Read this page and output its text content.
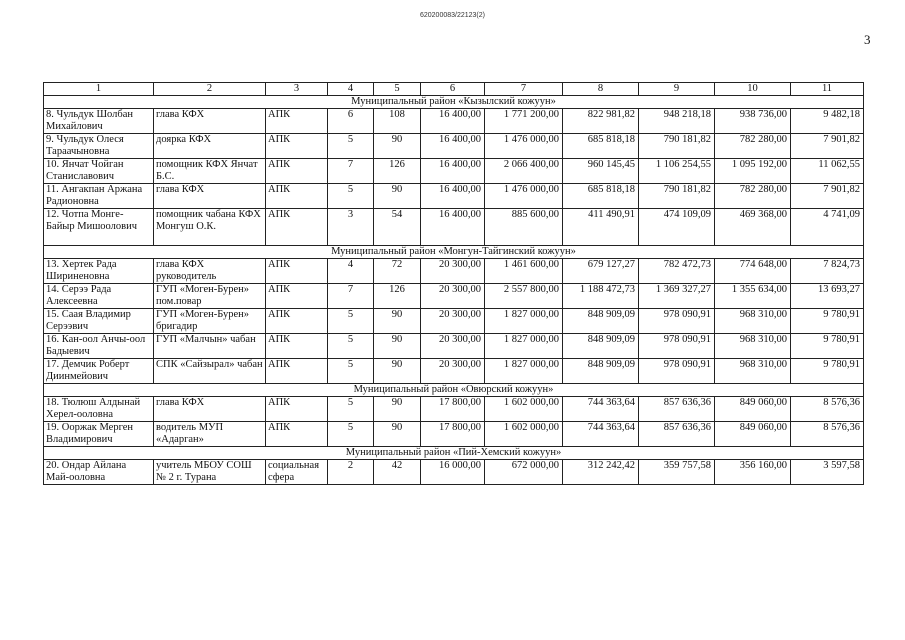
620200083/22123(2)
3
1	2	3	4	5	6	7	8	9	10	11
Муниципальный район «Кызылский кожуун»										
8. Чульдук Шолбан Михайлович	глава КФХ	АПК	6	108	16 400,00	1 771 200,00	822 981,82	948 218,18	938 736,00	9 482,18
9. Чульдук Олеся Тараачыновна	доярка КФХ	АПК	5	90	16 400,00	1 476 000,00	685 818,18	790 181,82	782 280,00	7 901,82
10. Янчат Чойган Станиславович	помощник КФХ Янчат Б.С.	АПК	7	126	16 400,00	2 066 400,00	960 145,45	1 106 254,55	1 095 192,00	11 062,55
11. Ангакпан Аржана Радионовна	глава КФХ	АПК	5	90	16 400,00	1 476 000,00	685 818,18	790 181,82	782 280,00	7 901,82
12. Чотпа Монге-Байыр Мишоолович	помощник чабана КФХ Монгуш О.К.	АПК	3	54	16 400,00	885 600,00	411 490,91	474 109,09	469 368,00	4 741,09
Муниципальный район «Монгун-Тайгинский кожуун»										
13. Хертек Рада Шириненовна	глава КФХ руководитель	АПК	4	72	20 300,00	1 461 600,00	679 127,27	782 472,73	774 648,00	7 824,73
14. Серээ Рада Алексеевна	ГУП «Моген-Бурен» пом.повар	АПК	7	126	20 300,00	2 557 800,00	1 188 472,73	1 369 327,27	1 355 634,00	13 693,27
15. Саая Владимир Серээвич	ГУП «Моген-Бурен» бригадир	АПК	5	90	20 300,00	1 827 000,00	848 909,09	978 090,91	968 310,00	9 780,91
16. Кан-оол Анчы-оол Бадыевич	ГУП «Малчын» чабан	АПК	5	90	20 300,00	1 827 000,00	848 909,09	978 090,91	968 310,00	9 780,91
17. Демчик Роберт Диинмейович	СПК «Сайзырал» чабан	АПК	5	90	20 300,00	1 827 000,00	848 909,09	978 090,91	968 310,00	9 780,91
Муниципальный район «Овюрский кожуун»										
18. Тюлюш Алдынай Херел-ооловна	глава КФХ	АПК	5	90	17 800,00	1 602 000,00	744 363,64	857 636,36	849 060,00	8 576,36
19. Ооржак Мерген Владимирович	водитель МУП «Адарган»	АПК	5	90	17 800,00	1 602 000,00	744 363,64	857 636,36	849 060,00	8 576,36
Муниципальный район «Пий-Хемский кожуун»										
20. Ондар Айлана Май-ооловна	учитель МБОУ СОШ № 2 г. Турана	социальная сфера	2	42	16 000,00	672 000,00	312 242,42	359 757,58	356 160,00	3 597,58
